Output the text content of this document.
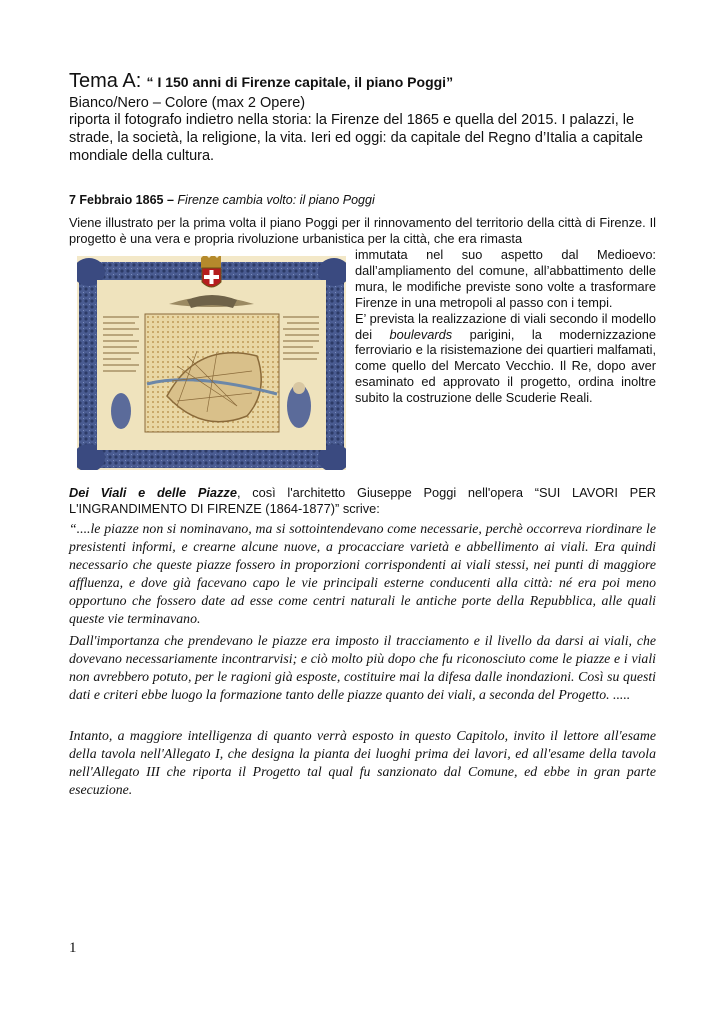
Tema A: “ I 150 anni di Firenze capitale, il piano Poggi”
Bianco/Nero – Colore (max 2 Opere)
riporta il fotografo indietro nella storia: la Firenze del 1865 e quella del 2015. I palazzi, le strade, la società, la religione, la vita. Ieri ed oggi: da capitale del Regno d’Italia a capitale mondiale della cultura.
7 Febbraio 1865 – Firenze cambia volto: il piano Poggi
Viene illustrato per la prima volta il piano Poggi per il rinnovamento del territorio della città di Firenze. Il progetto è una vera e propria rivoluzione urbanistica per la città, che era rimasta
immutata nel suo aspetto dal Medioevo: dall’ampliamento del comune, all’abbattimento delle mura, le modifiche previste sono volte a trasformare Firenze in una metropoli al passo con i tempi.
E’ prevista la realizzazione di viali secondo il modello dei boulevards parigini, la modernizzazione ferroviario e la risistemazione dei quartieri malfamati, come quello del Mercato Vecchio. Il Re, dopo aver esaminato ed approvato il progetto, ordina inoltre subito la costruzione delle Scuderie Reali.
Dei Viali e delle Piazze, così l'architetto Giuseppe Poggi nell'opera “SUI LAVORI PER L'INGRANDIMENTO DI FIRENZE (1864-1877)” scrive:
“....le piazze non si nominavano, ma si sottointendevano come necessarie, perchè occorreva riordinare le presistenti informi, e crearne alcune nuove, a procacciare varietà e abbellimento ai viali. Era quindi necessario che queste piazze fossero in proporzioni corrispondenti ai viali stessi, nei punti di maggiore affluenza, e dove già facevano capo le vie principali esterne conducenti alla città: né era poi meno opportuno che fossero date ad esse come centri naturali le antiche porte della Repubblica, alle quali queste vie terminavano.
Dall'importanza che prendevano le piazze era imposto il tracciamento e il livello da darsi ai viali, che dovevano necessariamente incontrarvisi; e ciò molto più dopo che fu riconosciuto come le piazze e i viali non avrebbero potuto, per le ragioni già esposte, costituire mai la difesa dalle inondazioni. Così su questi dati e criteri ebbe luogo la formazione tanto delle piazze quanto dei viali, a seconda del Progetto. .....
Intanto, a maggiore intelligenza di quanto verrà esposto in questo Capitolo, invito il lettore all'esame della tavola nell'Allegato I, che designa la pianta dei luoghi prima dei lavori, ed all'esame della tavola nell'Allegato III che riporta il Progetto tal qual fu sanzionato dal Comune, ed ebbe in gran parte esecuzione.
1
